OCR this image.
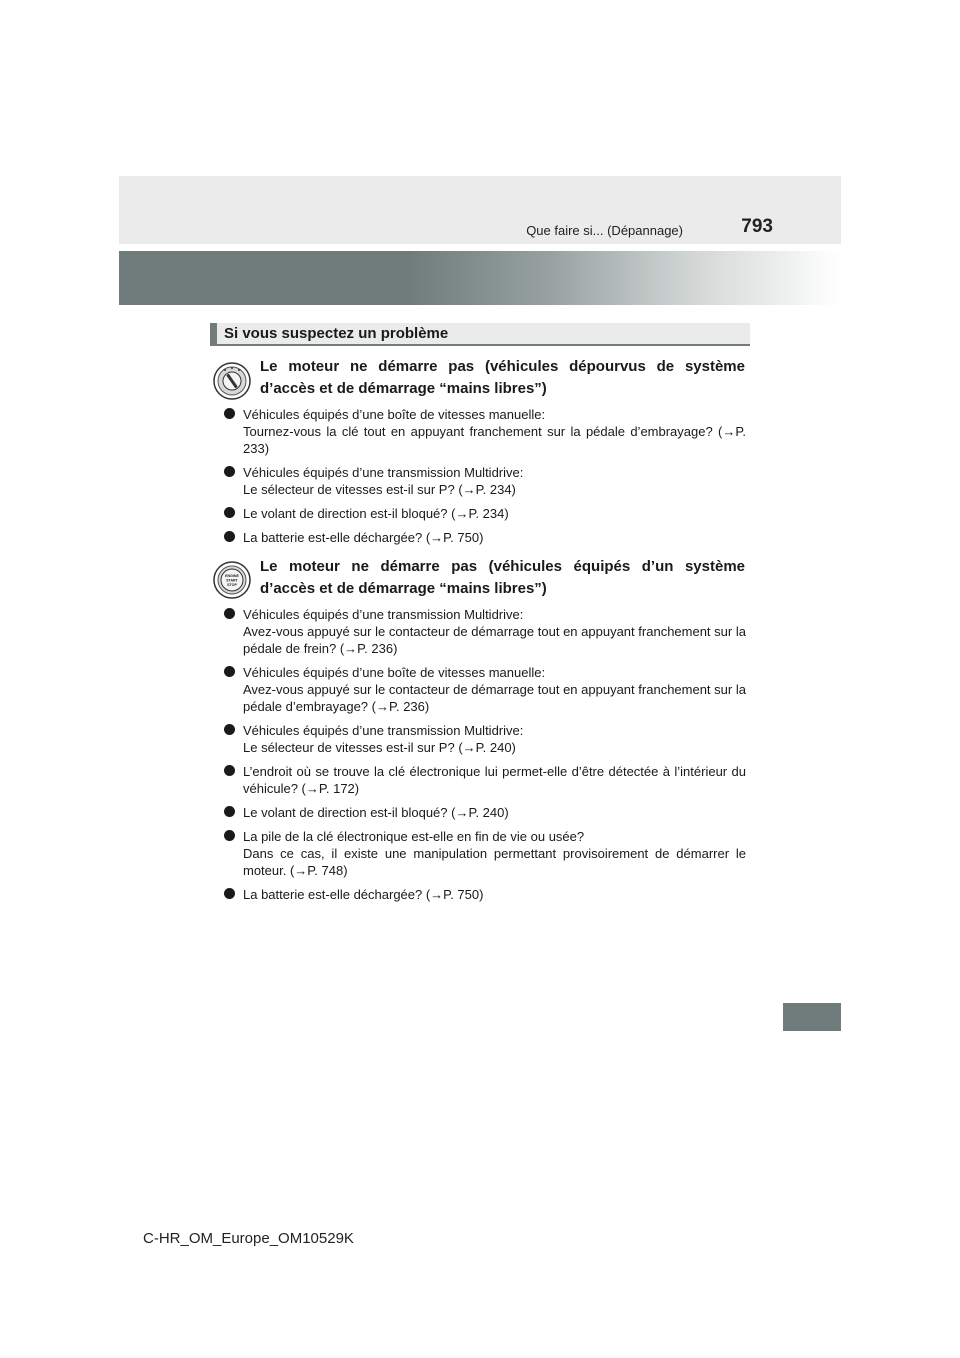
Que faire si... (Dépannage)	793
Si vous suspectez un problème
Le moteur ne démarre pas (véhicules dépourvus de système d’accès et de démarrage “mains libres”)
Véhicules équipés d’une boîte de vitesses manuelle:
Tournez-vous la clé tout en appuyant franchement sur la pédale d’embrayage? (→P. 233)
Véhicules équipés d’une transmission Multidrive:
Le sélecteur de vitesses est-il sur P? (→P. 234)
Le volant de direction est-il bloqué? (→P. 234)
La batterie est-elle déchargée? (→P. 750)
ENGINE
START
STOP
Le moteur ne démarre pas (véhicules équipés d’un système d’accès et de démarrage “mains libres”)
Véhicules équipés d’une transmission Multidrive:
Avez-vous appuyé sur le contacteur de démarrage tout en appuyant franchement sur la pédale de frein? (→P. 236)
Véhicules équipés d’une boîte de vitesses manuelle:
Avez-vous appuyé sur le contacteur de démarrage tout en appuyant franchement sur la pédale d’embrayage? (→P. 236)
Véhicules équipés d’une transmission Multidrive:
Le sélecteur de vitesses est-il sur P? (→P. 240)
L’endroit où se trouve la clé électronique lui permet-elle d’être détectée à l’intérieur du véhicule? (→P. 172)
Le volant de direction est-il bloqué? (→P. 240)
La pile de la clé électronique est-elle en fin de vie ou usée?
Dans ce cas, il existe une manipulation permettant provisoirement de démarrer le moteur. (→P. 748)
La batterie est-elle déchargée? (→P. 750)
C-HR_OM_Europe_OM10529K
